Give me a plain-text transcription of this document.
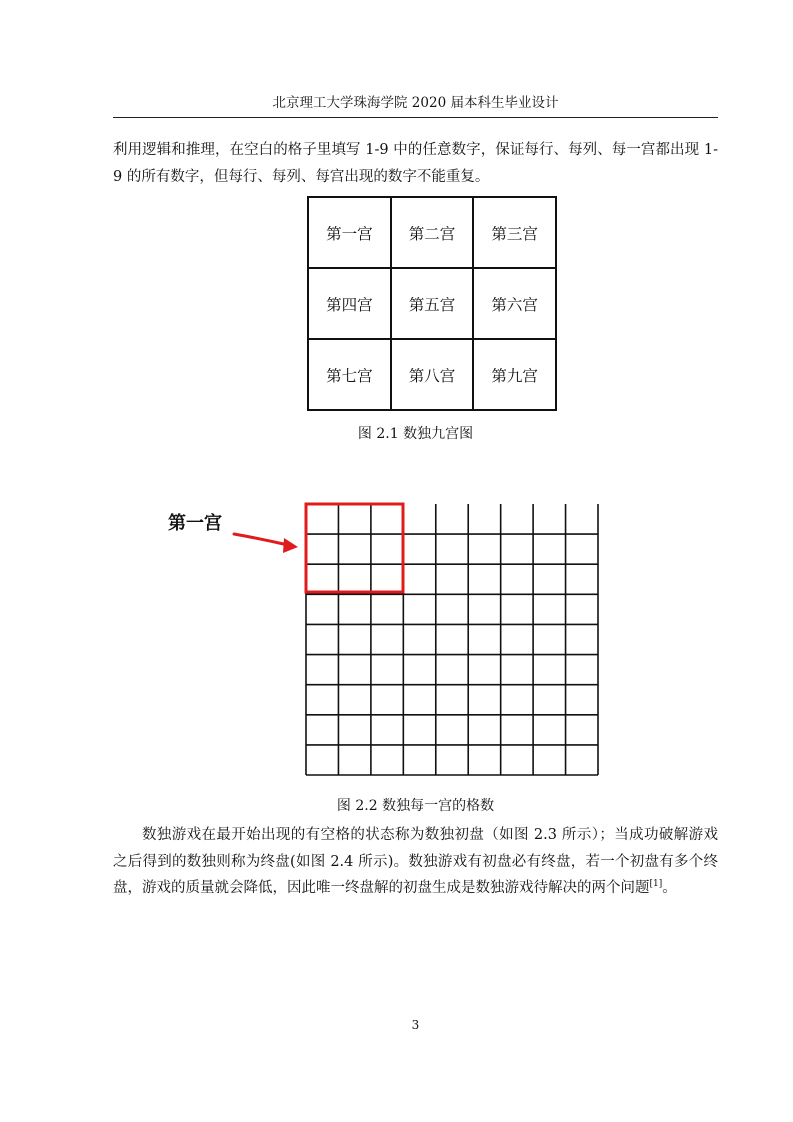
北京理工大学珠海学院 2020 届本科生毕业设计
利用逻辑和推理，在空白的格子里填写 1-9 中的任意数字，保证每行、每列、每一宫都出现 1-9 的所有数字，但每行、每列、每宫出现的数字不能重复。
第一宫	第二宫	第三宫
第四宫	第五宫	第六宫
第七宫	第八宫	第九宫
图 2.1 数独九宫图
第一宫
图 2.2 数独每一宫的格数
数独游戏在最开始出现的有空格的状态称为数独初盘（如图 2.3 所示）；当成功破解游戏之后得到的数独则称为终盘(如图 2.4 所示)。数独游戏有初盘必有终盘，若一个初盘有多个终盘，游戏的质量就会降低，因此唯一终盘解的初盘生成是数独游戏待解决的两个问题[1]。
3
